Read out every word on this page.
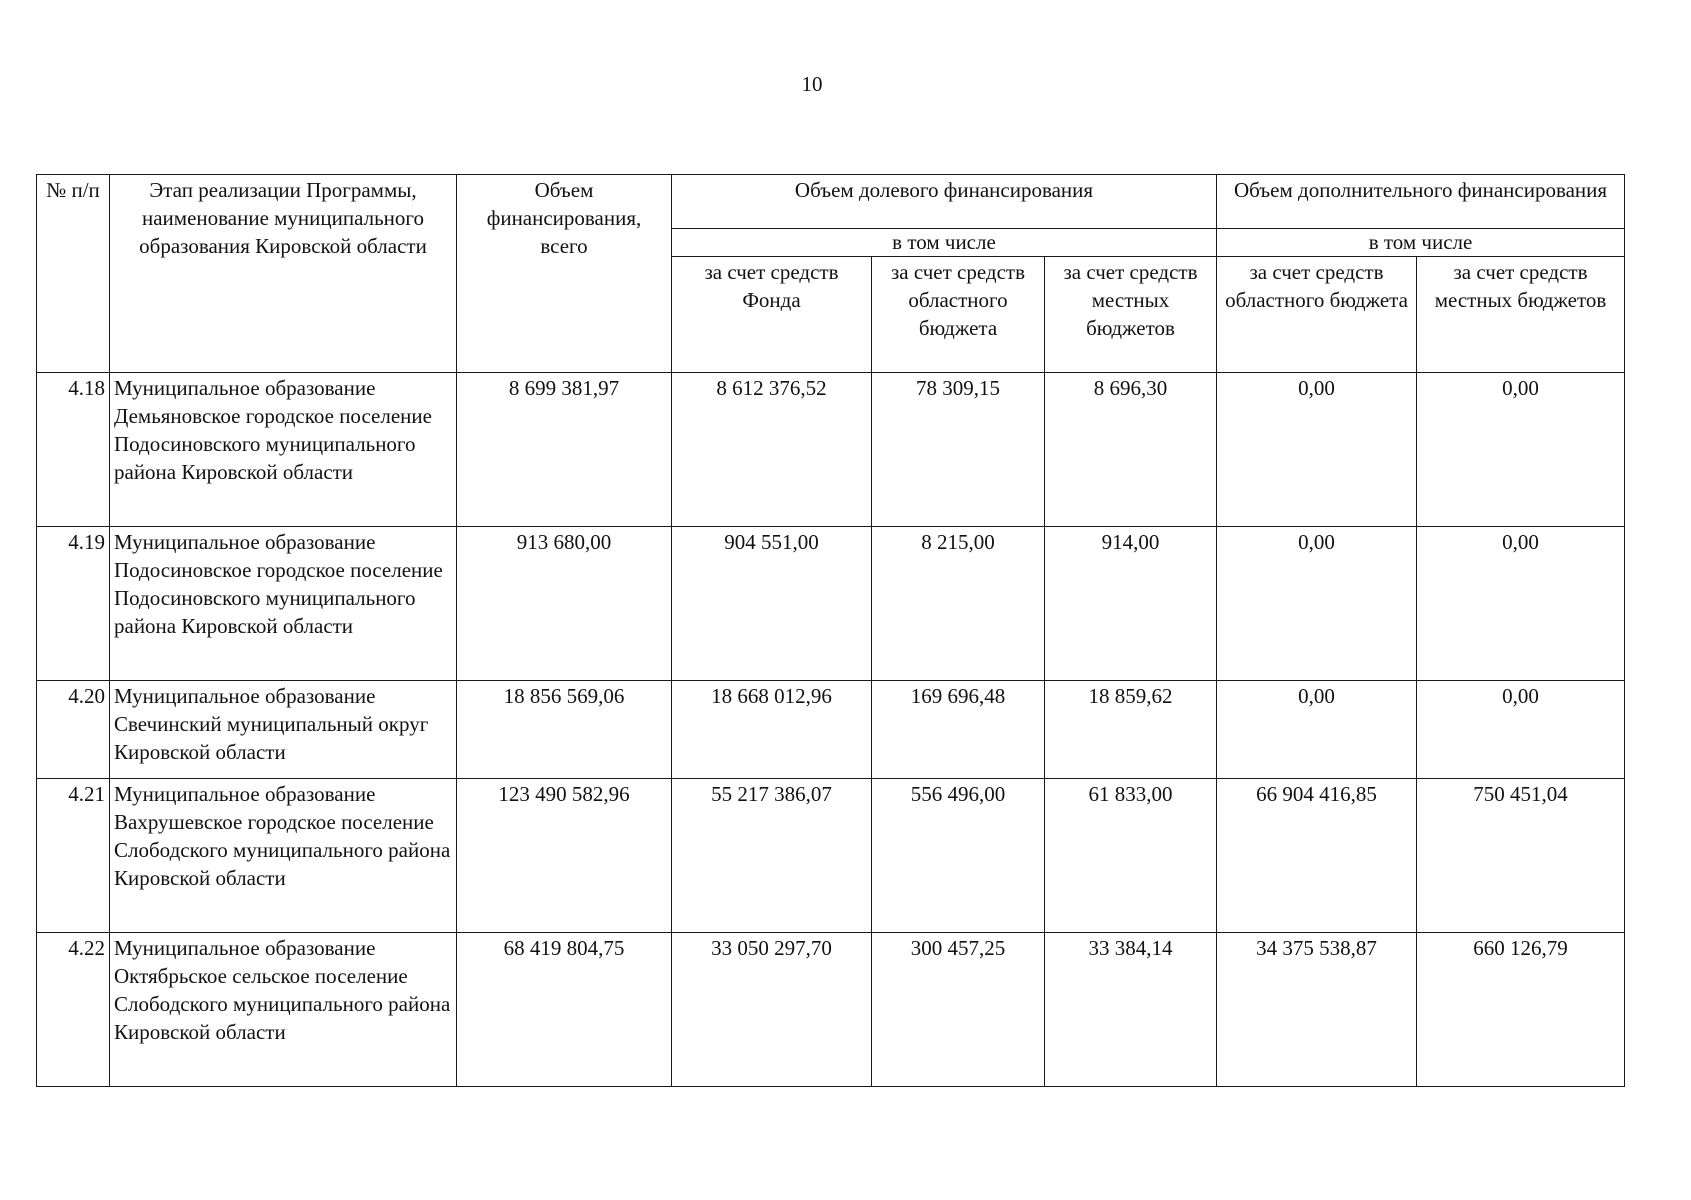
10
№ п/п	Этап реализации Программы, наименование муниципального образования Кировской области	Объем финансирования, всего	Объем долевого финансирования			Объем дополнительного финансирования	
			в том числе			в том числе	
			за счет средств Фонда	за счет средств областного бюджета	за счет средств местных бюджетов	за счет средств областного бюджета	за счет средств местных бюджетов
4.18	Муниципальное образование Демьяновское городское поселение Подосиновского муниципального района Кировской области	8 699 381,97	8 612 376,52	78 309,15	8 696,30	0,00	0,00
4.19	Муниципальное образование Подосиновское городское поселение Подосиновского муниципального района Кировской области	913 680,00	904 551,00	8 215,00	914,00	0,00	0,00
4.20	Муниципальное образование Свечинский муниципальный округ Кировской области	18 856 569,06	18 668 012,96	169 696,48	18 859,62	0,00	0,00
4.21	Муниципальное образование Вахрушевское городское поселение Слободского муниципального района Кировской области	123 490 582,96	55 217 386,07	556 496,00	61 833,00	66 904 416,85	750 451,04
4.22	Муниципальное образование Октябрьское сельское поселение Слободского муниципального района Кировской области	68 419 804,75	33 050 297,70	300 457,25	33 384,14	34 375 538,87	660 126,79
